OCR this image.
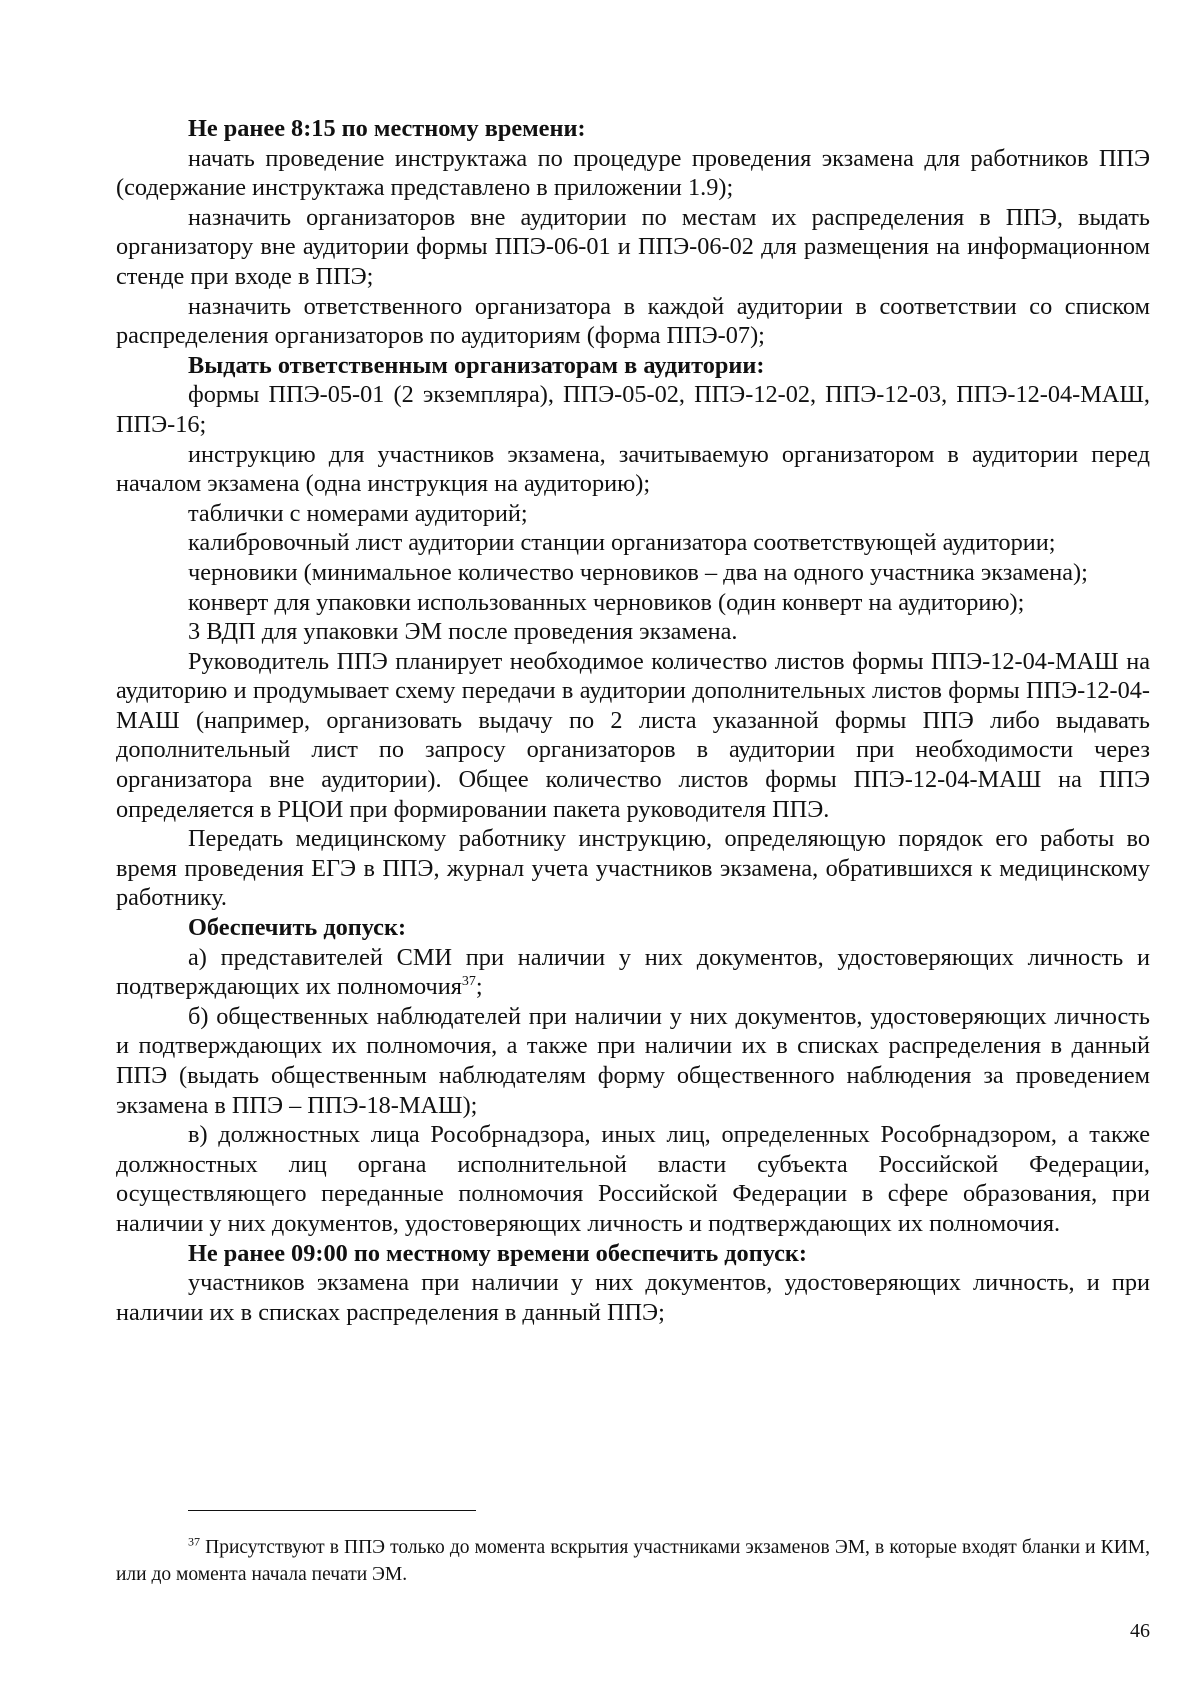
Не ранее 8:15 по местному времени:

начать проведение инструктажа по процедуре проведения экзамена для работников ППЭ (содержание инструктажа представлено в приложении 1.9);

назначить организаторов вне аудитории по местам их распределения в ППЭ, выдать организатору вне аудитории формы ППЭ-06-01 и ППЭ-06-02 для размещения на информационном стенде при входе в ППЭ;

назначить ответственного организатора в каждой аудитории в соответствии со списком распределения организаторов по аудиториям (форма ППЭ-07);

Выдать ответственным организаторам в аудитории:

формы ППЭ-05-01 (2 экземпляра), ППЭ-05-02, ППЭ-12-02, ППЭ-12-03, ППЭ-12-04-МАШ, ППЭ-16;

инструкцию для участников экзамена, зачитываемую организатором в аудитории перед началом экзамена (одна инструкция на аудиторию);

таблички с номерами аудиторий;

калибровочный лист аудитории станции организатора соответствующей аудитории;

черновики (минимальное количество черновиков – два на одного участника экзамена);

конверт для упаковки использованных черновиков (один конверт на аудиторию);

3 ВДП для упаковки ЭМ после проведения экзамена.

Руководитель ППЭ планирует необходимое количество листов формы ППЭ-12-04-МАШ на аудиторию и продумывает схему передачи в аудитории дополнительных листов формы ППЭ-12-04-МАШ (например, организовать выдачу по 2 листа указанной формы ППЭ либо выдавать дополнительный лист по запросу организаторов в аудитории при необходимости через организатора вне аудитории). Общее количество листов формы ППЭ-12-04-МАШ на ППЭ определяется в РЦОИ при формировании пакета руководителя ППЭ.

Передать медицинскому работнику инструкцию, определяющую порядок его работы во время проведения ЕГЭ в ППЭ, журнал учета участников экзамена, обратившихся к медицинскому работнику.

Обеспечить допуск:

а) представителей СМИ при наличии у них документов, удостоверяющих личность и подтверждающих их полномочия$^{37}$;

б) общественных наблюдателей при наличии у них документов, удостоверяющих личность и подтверждающих их полномочия, а также при наличии их в списках распределения в данный ППЭ (выдать общественным наблюдателям форму общественного наблюдения за проведением экзамена в ППЭ – ППЭ-18-МАШ);

в) должностных лица Рособрнадзора, иных лиц, определенных Рособрнадзором, а также должностных лиц органа исполнительной власти субъекта Российской Федерации, осуществляющего переданные полномочия Российской Федерации в сфере образования, при наличии у них документов, удостоверяющих личность и подтверждающих их полномочия.

Не ранее 09:00 по местному времени обеспечить допуск:

участников экзамена при наличии у них документов, удостоверяющих личность, и при наличии их в списках распределения в данный ППЭ;

$^{37}$ Присутствуют в ППЭ только до момента вскрытия участниками экзаменов ЭМ, в которые входят бланки и КИМ, или до момента начала печати ЭМ.
46
